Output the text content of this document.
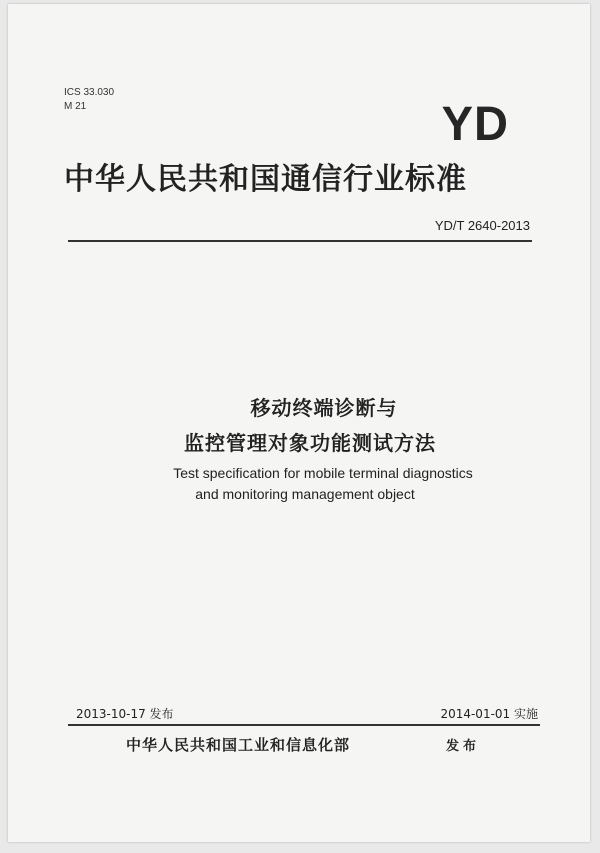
ICS 33.030
M 21	YD
中华人民共和国通信行业标准
YD/T 2640-2013
移动终端诊断与
监控管理对象功能测试方法
Test specification for mobile terminal diagnostics
and monitoring management object
2013-10-17 发布	2014-01-01 实施
中华人民共和国工业和信息化部	发布
